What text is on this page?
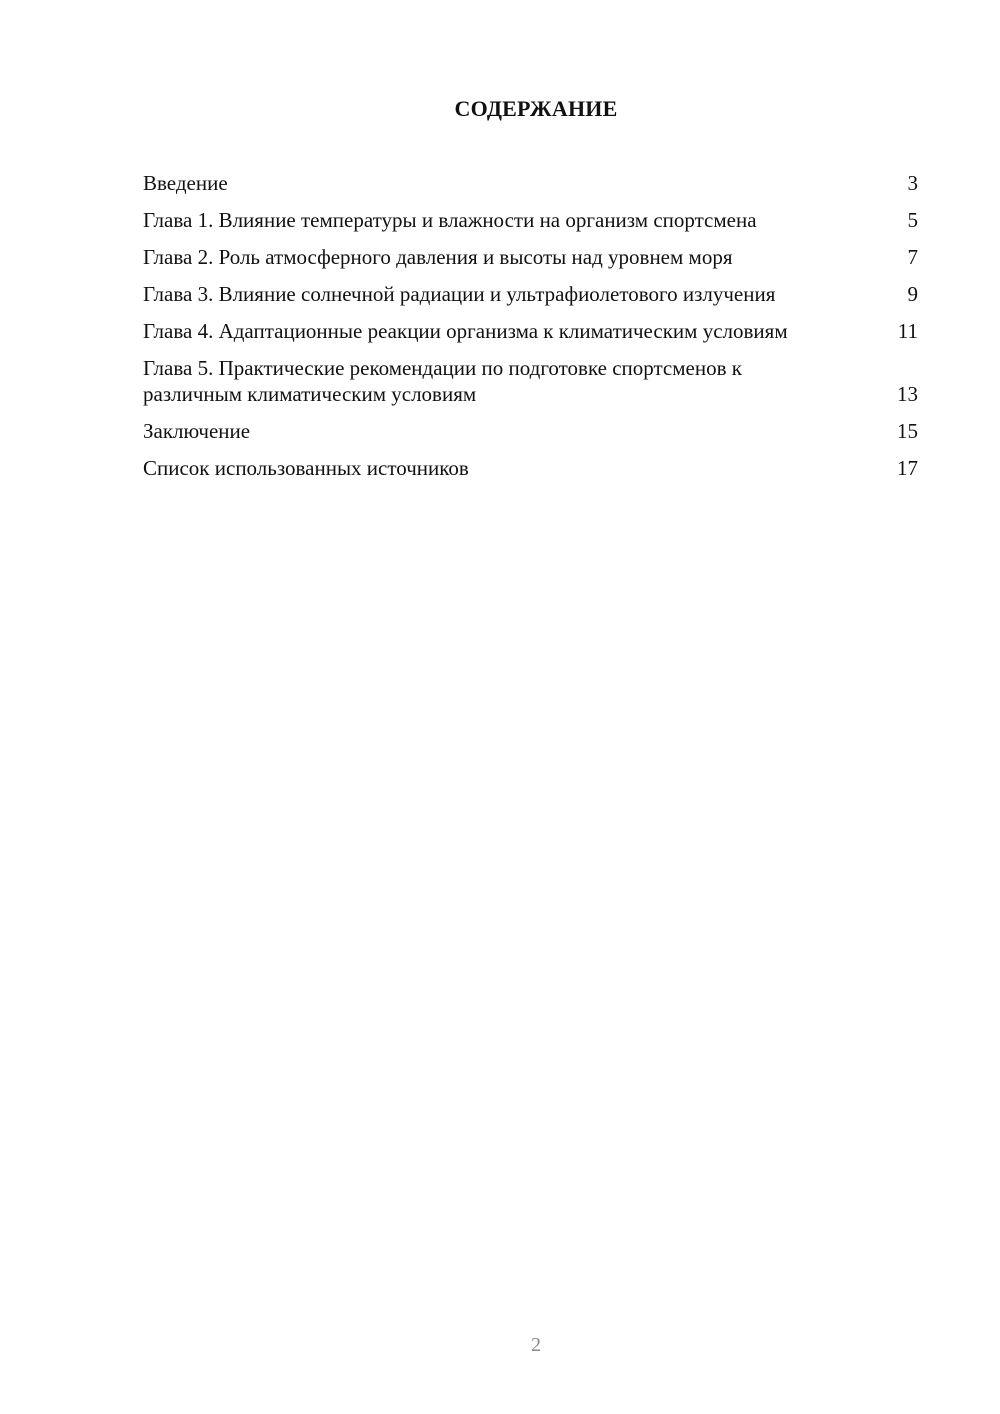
СОДЕРЖАНИЕ
Введение	3
Глава 1. Влияние температуры и влажности на организм спортсмена	5
Глава 2. Роль атмосферного давления и высоты над уровнем моря	7
Глава 3. Влияние солнечной радиации и ультрафиолетового излучения	9
Глава 4. Адаптационные реакции организма к климатическим условиям	11
Глава 5. Практические рекомендации по подготовке спортсменов к различным климатическим условиям	13
Заключение	15
Список использованных источников	17
2
